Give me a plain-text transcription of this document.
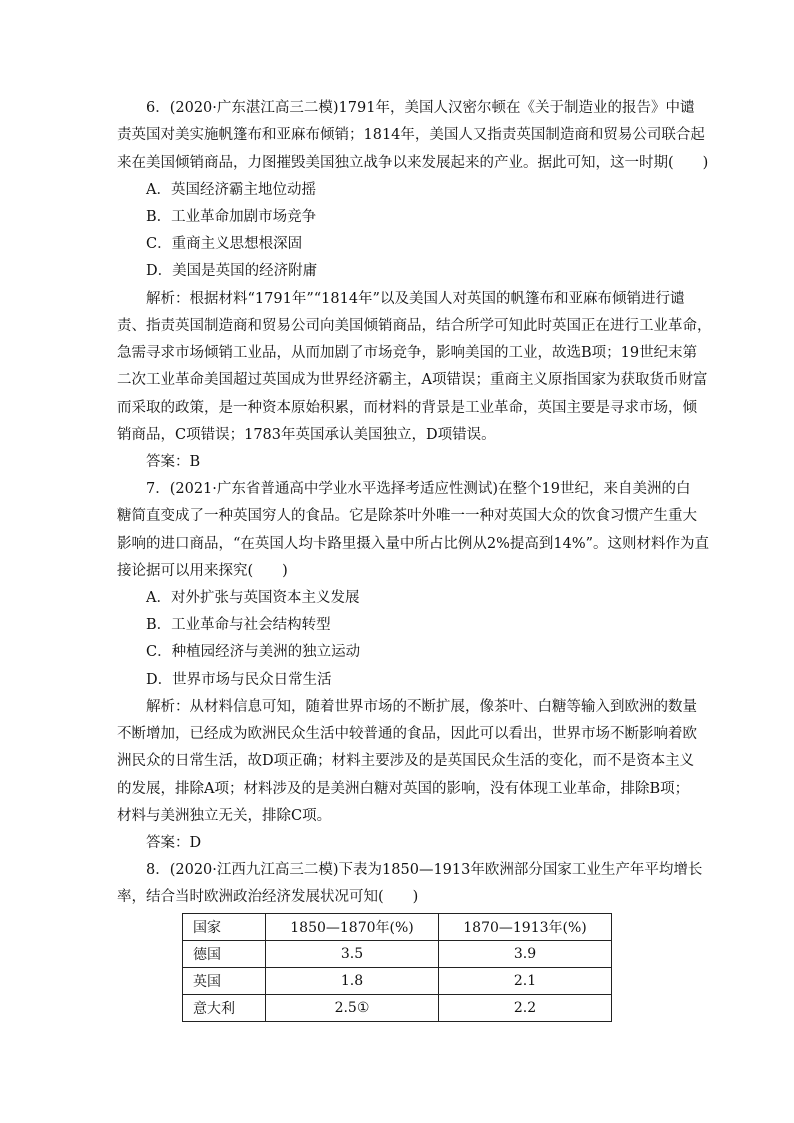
6．(2020·广东湛江高三二模)1791年，美国人汉密尔顿在《关于制造业的报告》中谴
责英国对美实施帆篷布和亚麻布倾销；1814年，美国人又指责英国制造商和贸易公司联合起
来在美国倾销商品，力图摧毁美国独立战争以来发展起来的产业。据此可知，这一时期(　　)
A．英国经济霸主地位动摇
B．工业革命加剧市场竞争
C．重商主义思想根深固
D．美国是英国的经济附庸
解析：根据材料“1791年”“1814年”以及美国人对英国的帆篷布和亚麻布倾销进行谴
责、指责英国制造商和贸易公司向美国倾销商品，结合所学可知此时英国正在进行工业革命，
急需寻求市场倾销工业品，从而加剧了市场竞争，影响美国的工业，故选B项；19世纪末第
二次工业革命美国超过英国成为世界经济霸主，A项错误；重商主义原指国家为获取货币财富
而采取的政策，是一种资本原始积累，而材料的背景是工业革命，英国主要是寻求市场，倾
销商品，C项错误；1783年英国承认美国独立，D项错误。
答案：B
7．(2021·广东省普通高中学业水平选择考适应性测试)在整个19世纪，来自美洲的白
糖简直变成了一种英国穷人的食品。它是除茶叶外唯一一种对英国大众的饮食习惯产生重大
影响的进口商品，“在英国人均卡路里摄入量中所占比例从2%提高到14%”。这则材料作为直
接论据可以用来探究(　　)
A．对外扩张与英国资本主义发展
B．工业革命与社会结构转型
C．种植园经济与美洲的独立运动
D．世界市场与民众日常生活
解析：从材料信息可知，随着世界市场的不断扩展，像茶叶、白糖等输入到欧洲的数量
不断增加，已经成为欧洲民众生活中较普通的食品，因此可以看出，世界市场不断影响着欧
洲民众的日常生活，故D项正确；材料主要涉及的是英国民众生活的变化，而不是资本主义
的发展，排除A项；材料涉及的是美洲白糖对英国的影响，没有体现工业革命，排除B项；
材料与美洲独立无关，排除C项。
答案：D
8．(2020·江西九江高三二模)下表为1850—1913年欧洲部分国家工业生产年平均增长
率，结合当时欧洲政治经济发展状况可知(　　)
国家	1850—1870年(%)	1870—1913年(%)
德国	3.5	3.9
英国	1.8	2.1
意大利	2.5①	2.2
